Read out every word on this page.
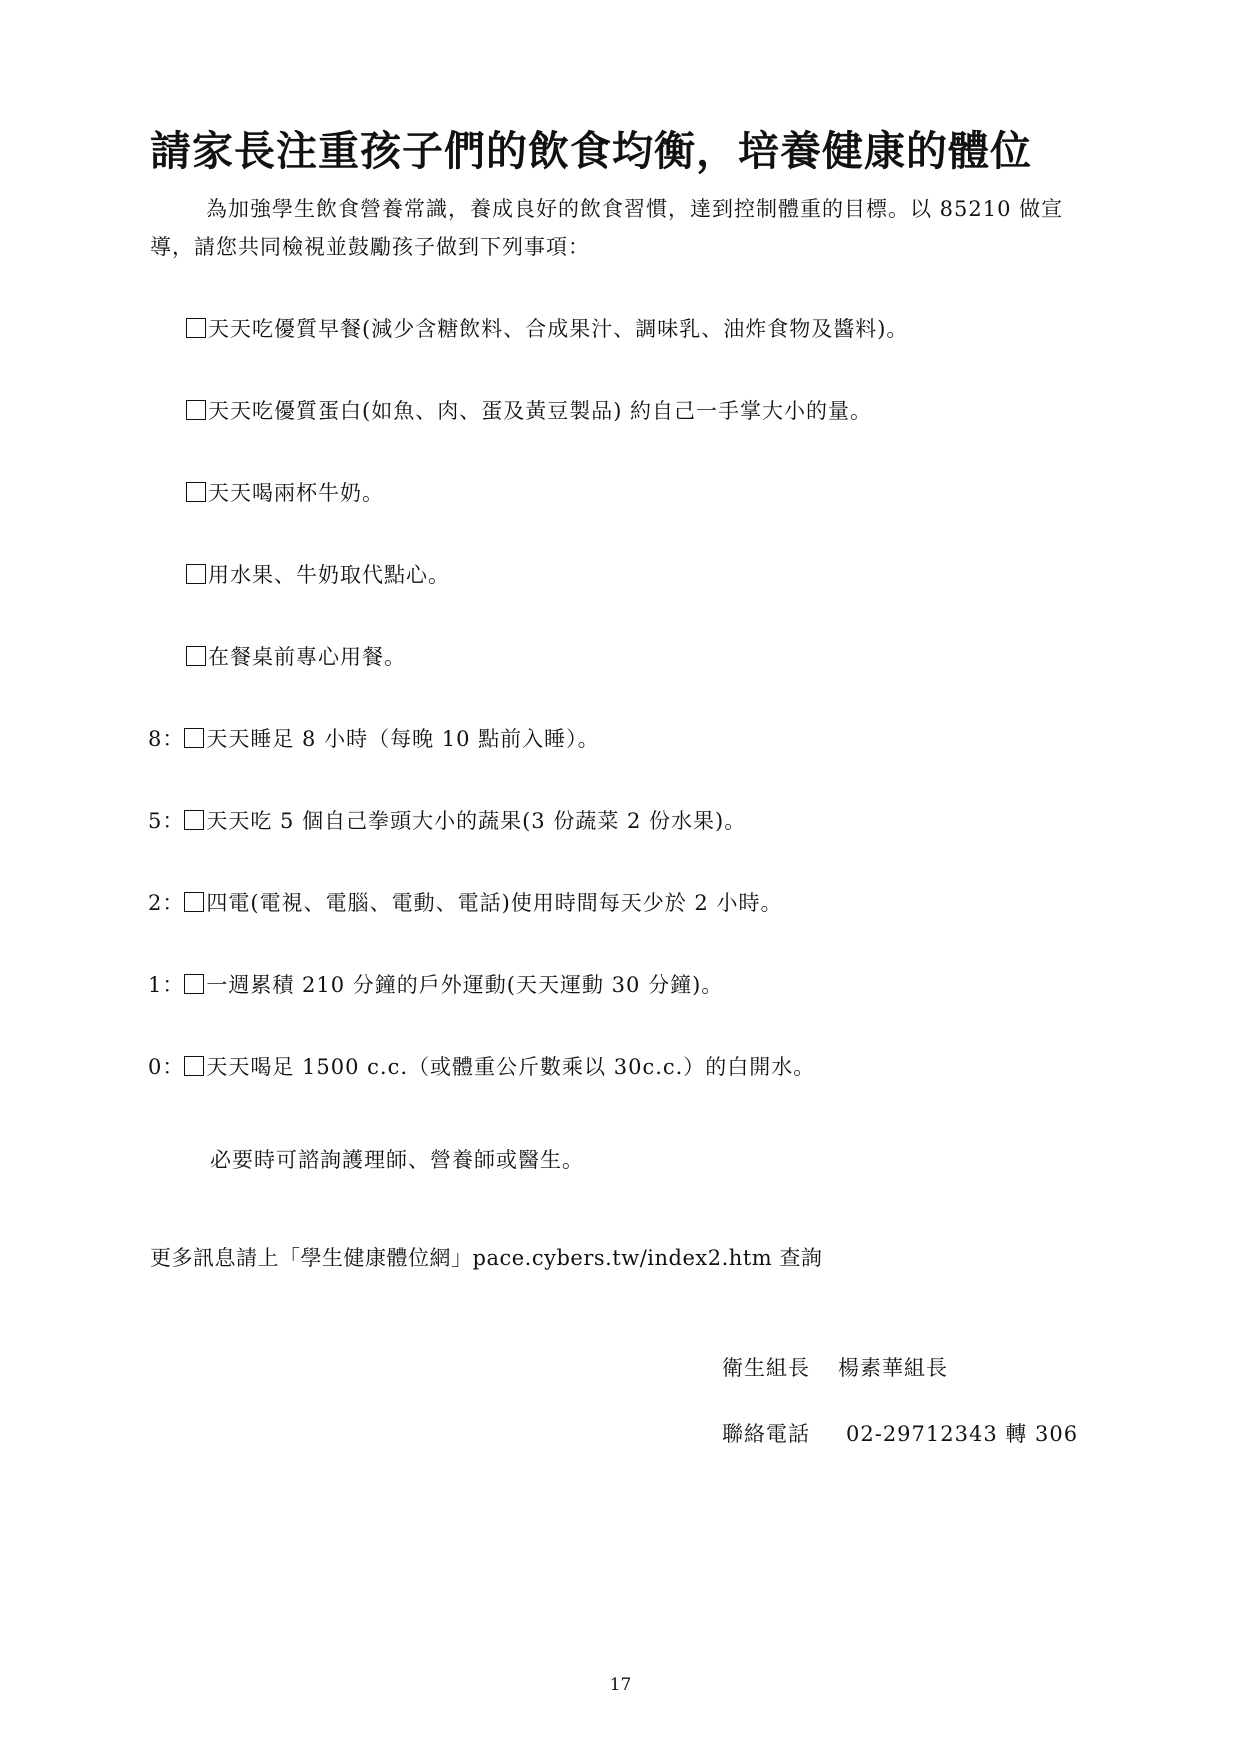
請家長注重孩子們的飲食均衡，培養健康的體位
為加強學生飲食營養常識，養成良好的飲食習慣，達到控制體重的目標。以 85210 做宣導，請您共同檢視並鼓勵孩子做到下列事項：
天天吃優質早餐(減少含糖飲料、合成果汁、調味乳、油炸食物及醬料)。
天天吃優質蛋白(如魚、肉、蛋及黃豆製品) 約自己一手掌大小的量。
天天喝兩杯牛奶。
用水果、牛奶取代點心。
在餐桌前專心用餐。
8： 天天睡足 8 小時（每晚 10 點前入睡）。
5： 天天吃 5 個自己拳頭大小的蔬果(3 份蔬菜 2 份水果)。
2： 四電(電視、電腦、電動、電話)使用時間每天少於 2 小時。
1： 一週累積 210 分鐘的戶外運動(天天運動 30 分鐘)。
0： 天天喝足 1500 c.c.（或體重公斤數乘以 30c.c.）的白開水。
必要時可諮詢護理師、營養師或醫生。
更多訊息請上「學生健康體位網」pace.cybers.tw/index2.htm 查詢
衛生組長 楊素華組長
聯絡電話 02-29712343 轉 306
17
